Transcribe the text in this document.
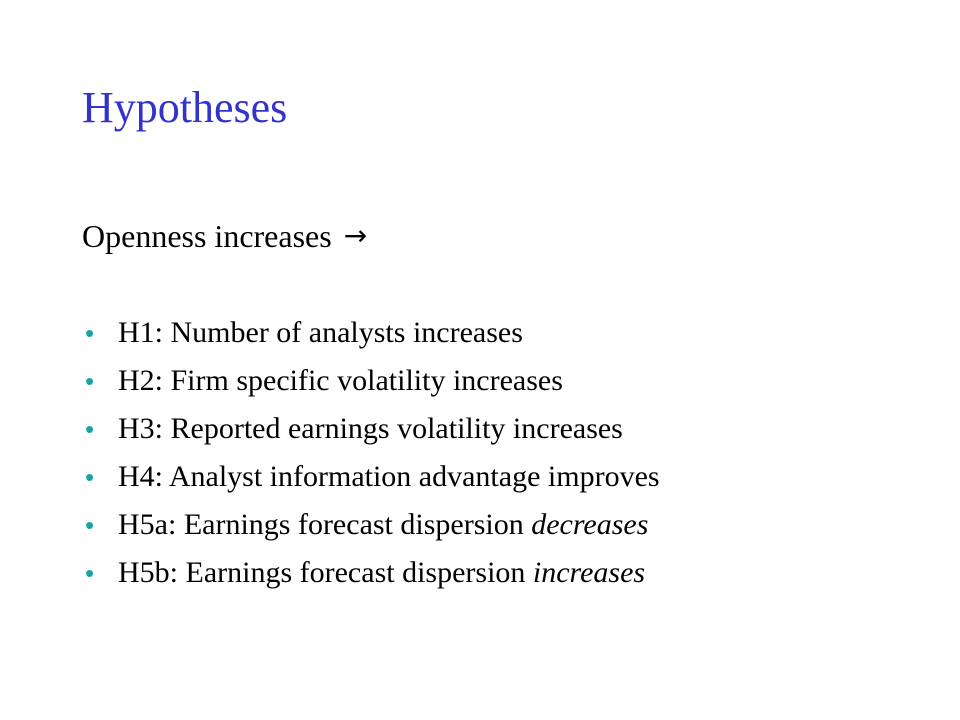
Hypotheses

Openness increases →

• H1: Number of analysts increases
• H2: Firm specific volatility increases
• H3: Reported earnings volatility increases
• H4: Analyst information advantage improves
• H5a: Earnings forecast dispersion decreases
• H5b: Earnings forecast dispersion increases
